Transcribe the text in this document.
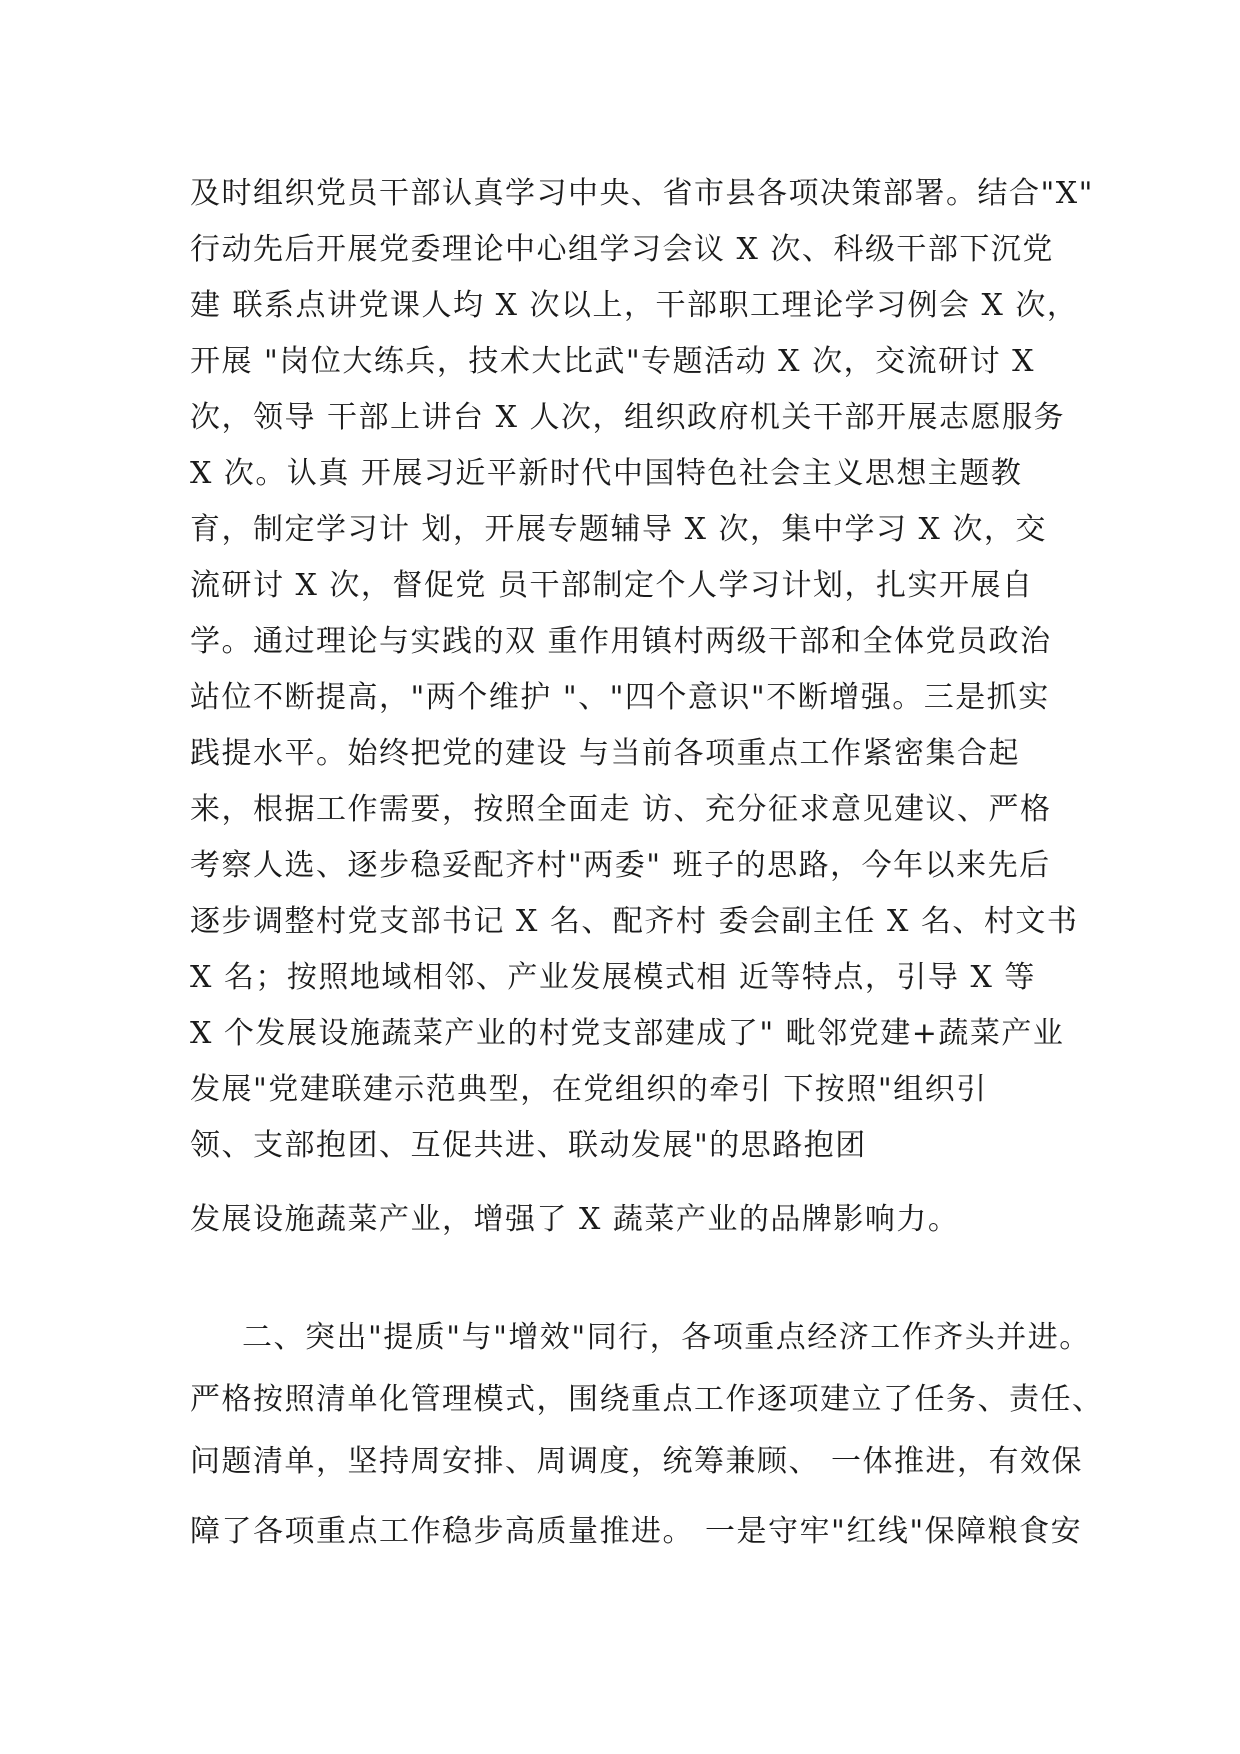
及时组织党员干部认真学习中央、省市县各项决策部署。结合"X"
行动先后开展党委理论中心组学习会议 X 次、科级干部下沉党
建 联系点讲党课人均 X 次以上，干部职工理论学习例会 X 次，
开展 "岗位大练兵，技术大比武"专题活动 X 次，交流研讨 X
次，领导 干部上讲台 X 人次，组织政府机关干部开展志愿服务
X 次。认真 开展习近平新时代中国特色社会主义思想主题教
育，制定学习计 划，开展专题辅导 X 次，集中学习 X 次，交
流研讨 X 次，督促党 员干部制定个人学习计划，扎实开展自
学。通过理论与实践的双 重作用镇村两级干部和全体党员政治
站位不断提高，"两个维护 "、"四个意识"不断增强。三是抓实
践提水平。始终把党的建设 与当前各项重点工作紧密集合起
来，根据工作需要，按照全面走 访、充分征求意见建议、严格
考察人选、逐步稳妥配齐村"两委" 班子的思路，今年以来先后
逐步调整村党支部书记 X 名、配齐村 委会副主任 X 名、村文书
X 名；按照地域相邻、产业发展模式相 近等特点，引导 X 等
X 个发展设施蔬菜产业的村党支部建成了" 毗邻党建+蔬菜产业
发展"党建联建示范典型，在党组织的牵引 下按照"组织引
领、支部抱团、互促共进、联动发展"的思路抱团
发展设施蔬菜产业，增强了 X 蔬菜产业的品牌影响力。
二、突出"提质"与"增效"同行，各项重点经济工作齐头并进。
严格按照清单化管理模式，围绕重点工作逐项建立了任务、责任、
问题清单，坚持周安排、周调度，统筹兼顾、 一体推进，有效保
障了各项重点工作稳步高质量推进。 一是守牢"红线"保障粮食安
